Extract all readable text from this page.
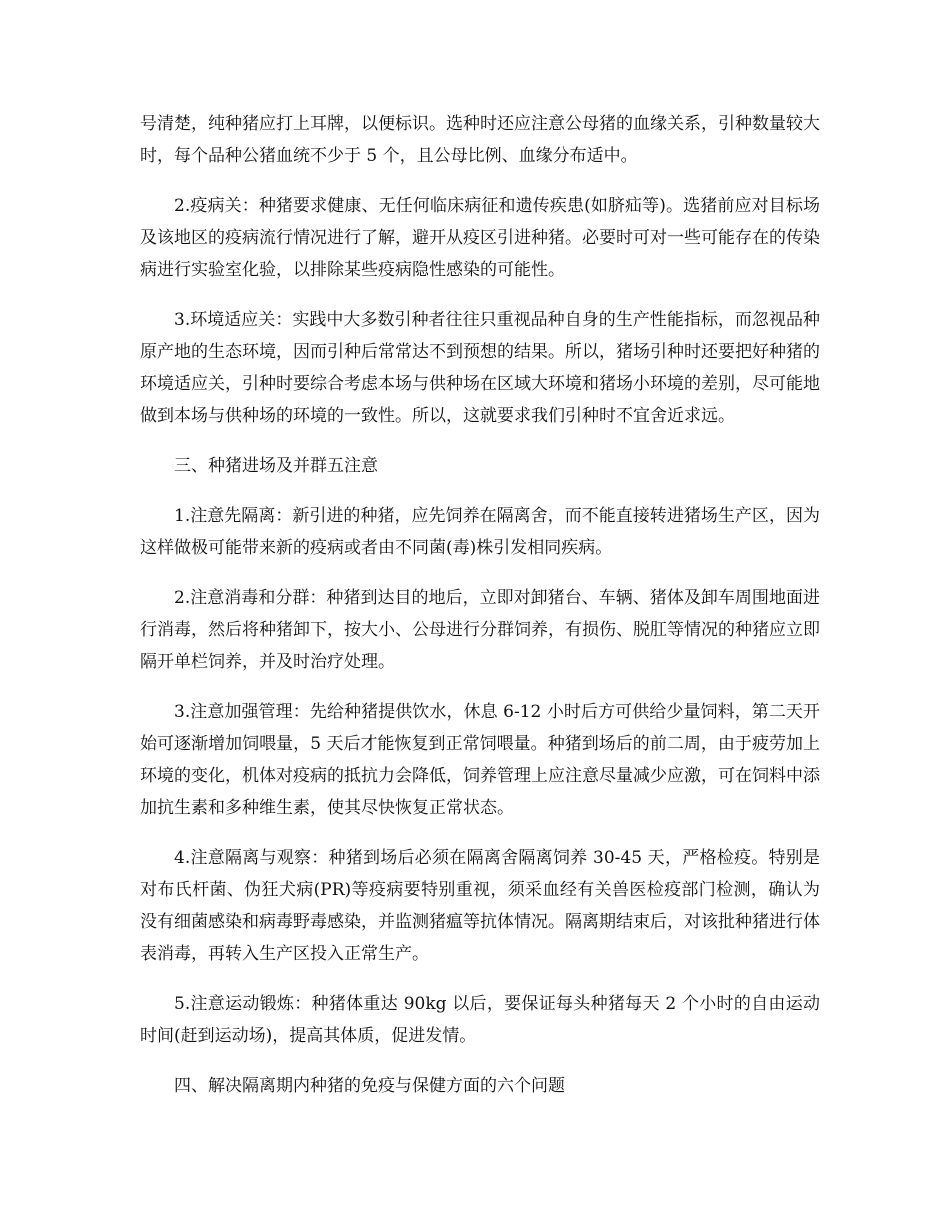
号清楚，纯种猪应打上耳牌，以便标识。选种时还应注意公母猪的血缘关系，引种数量较大时，每个品种公猪血统不少于 5 个，且公母比例、血缘分布适中。

2.疫病关：种猪要求健康、无任何临床病征和遗传疾患(如脐疝等)。选猪前应对目标场及该地区的疫病流行情况进行了解，避开从疫区引进种猪。必要时可对一些可能存在的传染病进行实验室化验，以排除某些疫病隐性感染的可能性。

3.环境适应关：实践中大多数引种者往往只重视品种自身的生产性能指标，而忽视品种原产地的生态环境，因而引种后常常达不到预想的结果。所以，猪场引种时还要把好种猪的环境适应关，引种时要综合考虑本场与供种场在区域大环境和猪场小环境的差别，尽可能地做到本场与供种场的环境的一致性。所以，这就要求我们引种时不宜舍近求远。

三、种猪进场及并群五注意

1.注意先隔离：新引进的种猪，应先饲养在隔离舍，而不能直接转进猪场生产区，因为这样做极可能带来新的疫病或者由不同菌(毒)株引发相同疾病。

2.注意消毒和分群：种猪到达目的地后，立即对卸猪台、车辆、猪体及卸车周围地面进行消毒，然后将种猪卸下，按大小、公母进行分群饲养，有损伤、脱肛等情况的种猪应立即隔开单栏饲养，并及时治疗处理。

3.注意加强管理：先给种猪提供饮水，休息 6-12 小时后方可供给少量饲料，第二天开始可逐渐增加饲喂量，5 天后才能恢复到正常饲喂量。种猪到场后的前二周，由于疲劳加上环境的变化，机体对疫病的抵抗力会降低，饲养管理上应注意尽量减少应激，可在饲料中添加抗生素和多种维生素，使其尽快恢复正常状态。

4.注意隔离与观察：种猪到场后必须在隔离舍隔离饲养 30-45 天，严格检疫。特别是对布氏杆菌、伪狂犬病(PR)等疫病要特别重视，须采血经有关兽医检疫部门检测，确认为没有细菌感染和病毒野毒感染，并监测猪瘟等抗体情况。隔离期结束后，对该批种猪进行体表消毒，再转入生产区投入正常生产。

5.注意运动锻炼：种猪体重达 90kg 以后，要保证每头种猪每天 2 个小时的自由运动时间(赶到运动场)，提高其体质，促进发情。

四、解决隔离期内种猪的免疫与保健方面的六个问题
